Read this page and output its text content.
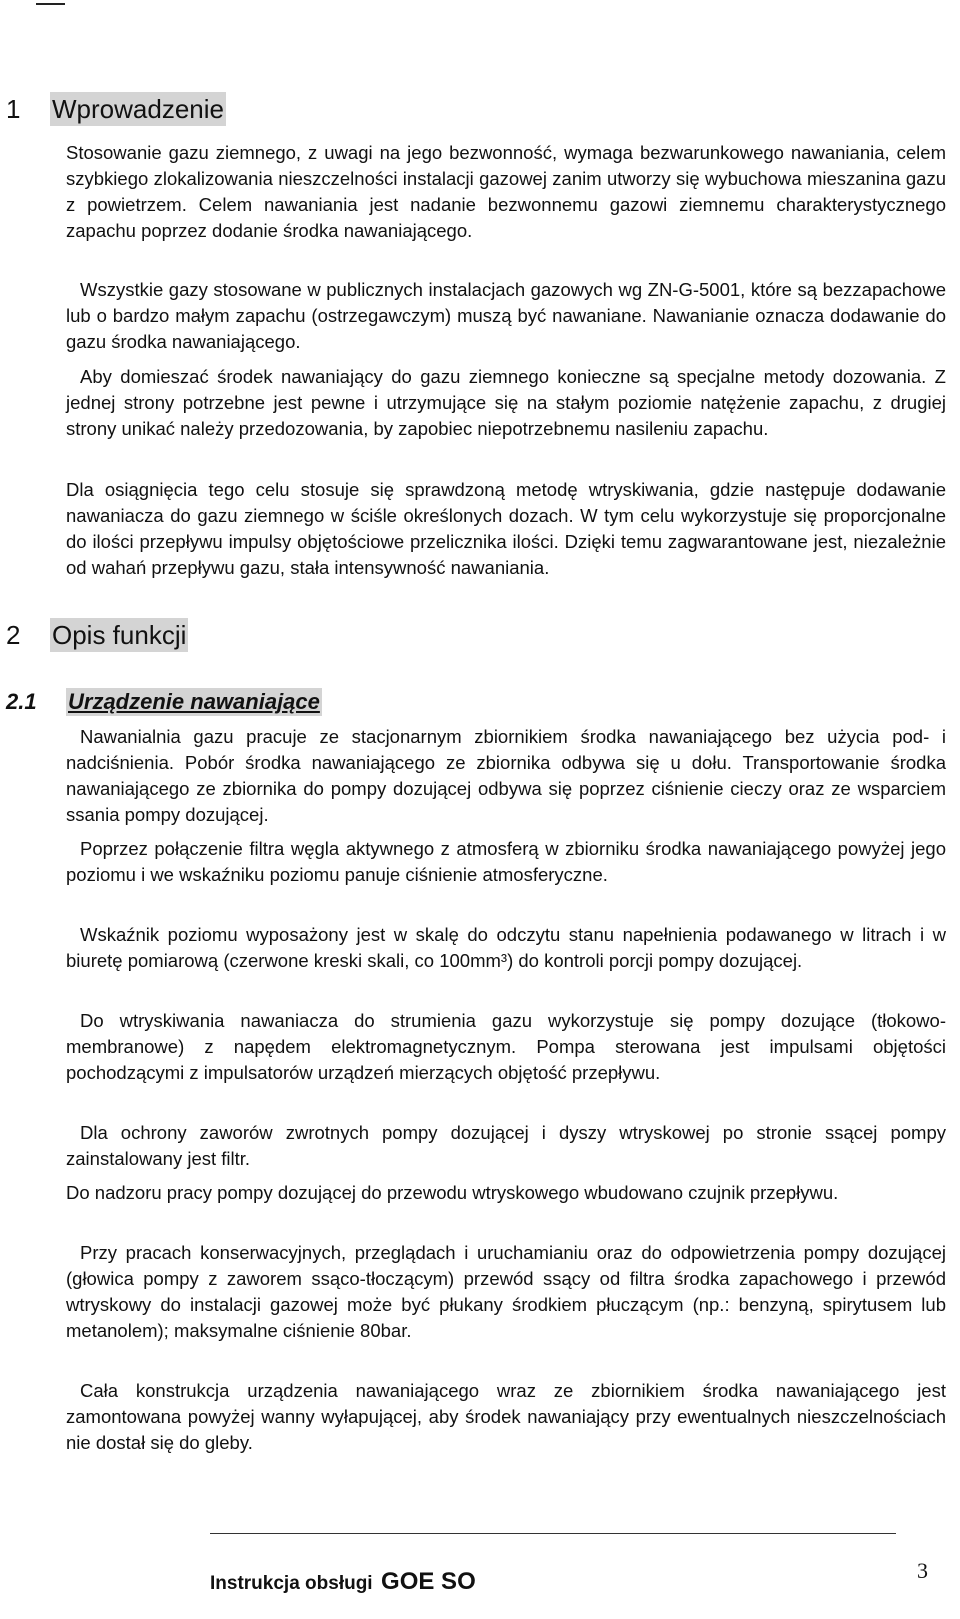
1	Wprowadzenie

Stosowanie gazu ziemnego, z uwagi na jego bezwonność, wymaga bezwarunkowego nawaniania, celem szybkiego zlokalizowania nieszczelności instalacji gazowej zanim utworzy się wybuchowa mieszanina gazu z powietrzem. Celem nawaniania jest nadanie bezwonnemu gazowi ziemnemu charakterystycznego zapachu poprzez dodanie środka nawaniającego.

Wszystkie gazy stosowane w publicznych instalacjach gazowych wg ZN-G-5001, które są bezzapachowe lub o bardzo małym zapachu (ostrzegawczym) muszą być nawaniane. Nawanianie oznacza dodawanie do gazu środka nawaniającego.

Aby domieszać środek nawaniający do gazu ziemnego konieczne są specjalne metody dozowania. Z jednej strony potrzebne jest pewne i utrzymujące się na stałym poziomie natężenie zapachu, z drugiej strony unikać należy przedozowania, by zapobiec niepotrzebnemu nasileniu zapachu.

Dla osiągnięcia tego celu stosuje się sprawdzoną metodę wtryskiwania, gdzie następuje dodawanie nawaniacza do gazu ziemnego w ściśle określonych dozach. W tym celu wykorzystuje się proporcjonalne do ilości przepływu impulsy objętościowe przelicznika ilości. Dzięki temu zagwarantowane jest, niezależnie od wahań przepływu gazu, stała intensywność nawaniania.

2	Opis funkcji
2.1	Urządzenie nawaniające

Nawanialnia gazu pracuje ze stacjonarnym zbiornikiem środka nawaniającego bez użycia pod- i nadciśnienia. Pobór środka nawaniającego ze zbiornika odbywa się u dołu. Transportowanie środka nawaniającego ze zbiornika do pompy dozującej odbywa się poprzez ciśnienie cieczy oraz ze wsparciem ssania pompy dozującej.

Poprzez połączenie filtra węgla aktywnego z atmosferą w zbiorniku środka nawaniającego powyżej jego poziomu i we wskaźniku poziomu panuje ciśnienie atmosferyczne.

Wskaźnik poziomu wyposażony jest w skalę do odczytu stanu napełnienia podawanego w litrach i w biuretę pomiarową (czerwone kreski skali, co 100mm³) do kontroli porcji pompy dozującej.

Do wtryskiwania nawaniacza do strumienia gazu wykorzystuje się pompy dozujące (tłokowo-membranowe) z napędem elektromagnetycznym. Pompa sterowana jest impulsami objętości pochodzącymi z impulsatorów urządzeń mierzących objętość przepływu.

Dla ochrony zaworów zwrotnych pompy dozującej i dyszy wtryskowej po stronie ssącej pompy zainstalowany jest filtr.

Do nadzoru pracy pompy dozującej do przewodu wtryskowego wbudowano czujnik przepływu.

Przy pracach konserwacyjnych, przeglądach i uruchamianiu oraz do odpowietrzenia pompy dozującej (głowica pompy z zaworem ssąco-tłoczącym) przewód ssący od filtra środka zapachowego i przewód wtryskowy do instalacji gazowej może być płukany środkiem płuczącym (np.: benzyną, spirytusem lub metanolem); maksymalne ciśnienie 80bar.

Cała konstrukcja urządzenia nawaniającego wraz ze zbiornikiem środka nawaniającego jest zamontowana powyżej wanny wyłapującej, aby środek nawaniający przy ewentualnych nieszczelnościach nie dostał się do gleby.

Instrukcja obsługi GOE SO	3
